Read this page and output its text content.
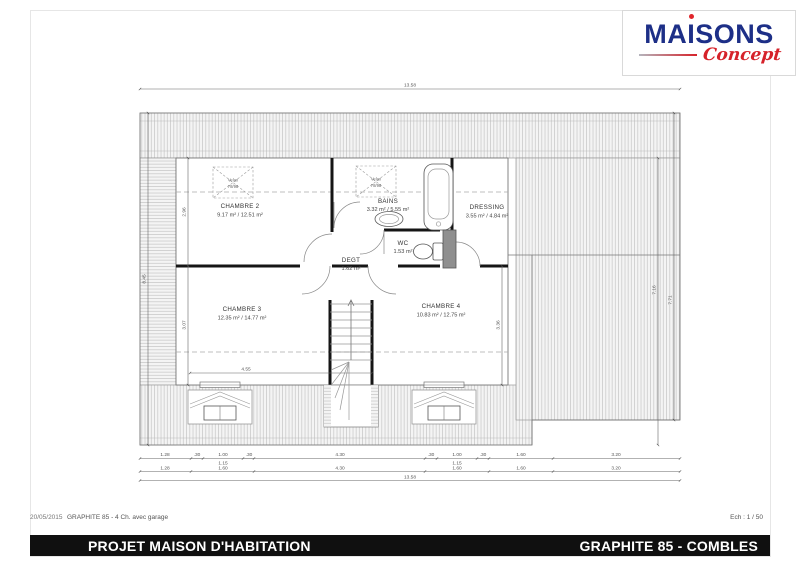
MAISONS
Concept
Velux
78/98
Velux
78/98
13.58
13.58
8.45
2.96
3.07	3.36
7.16
7.71
4.55
1.28	.30	1.00	.30	4.30	.30	1.00	.30	1.60	3.20
1.15	1.15
1.28	1.60	4.30	1.60	1.60	3.20
CHAMBRE 2
9.17 m² / 12.51 m²
BAINS
3.32 m² / 5.55 m²	DRESSING
3.55 m² / 4.84 m²
WC
1.53 m²
DEGT
1.62 m²
CHAMBRE 3
12.35 m² / 14.77 m²
CHAMBRE 4
10.83 m² / 12.75 m²
20/05/2015 GRAPHITE 85 - 4 Ch. avec garage	Ech : 1 / 50
PROJET MAISON D'HABITATION	GRAPHITE 85 - COMBLES
